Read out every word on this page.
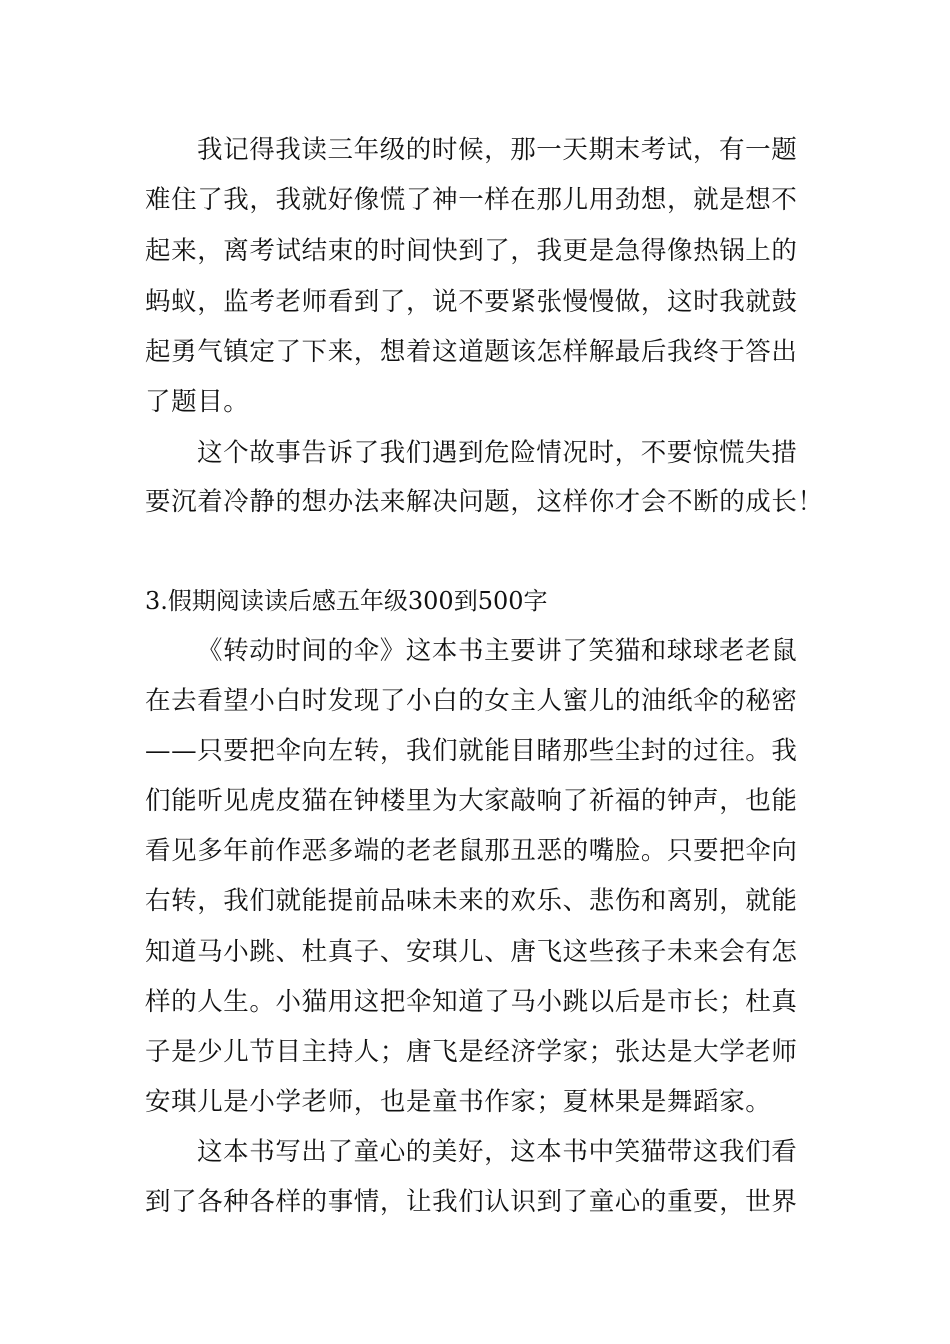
我记得我读三年级的时候，那一天期末考试，有一题
难住了我，我就好像慌了神一样在那儿用劲想，就是想不
起来，离考试结束的时间快到了，我更是急得像热锅上的
蚂蚁，监考老师看到了，说不要紧张慢慢做，这时我就鼓
起勇气镇定了下来，想着这道题该怎样解最后我终于答出
了题目。
这个故事告诉了我们遇到危险情况时，不要惊慌失措
要沉着冷静的想办法来解决问题，这样你才会不断的成长！
3.假期阅读读后感五年级300到500字
《转动时间的伞》这本书主要讲了笑猫和球球老老鼠
在去看望小白时发现了小白的女主人蜜儿的油纸伞的秘密
——只要把伞向左转，我们就能目睹那些尘封的过往。我
们能听见虎皮猫在钟楼里为大家敲响了祈福的钟声，也能
看见多年前作恶多端的老老鼠那丑恶的嘴脸。只要把伞向
右转，我们就能提前品味未来的欢乐、悲伤和离别，就能
知道马小跳、杜真子、安琪儿、唐飞这些孩子未来会有怎
样的人生。小猫用这把伞知道了马小跳以后是市长；杜真
子是少儿节目主持人；唐飞是经济学家；张达是大学老师
安琪儿是小学老师，也是童书作家；夏林果是舞蹈家。
这本书写出了童心的美好，这本书中笑猫带这我们看
到了各种各样的事情，让我们认识到了童心的重要，世界
